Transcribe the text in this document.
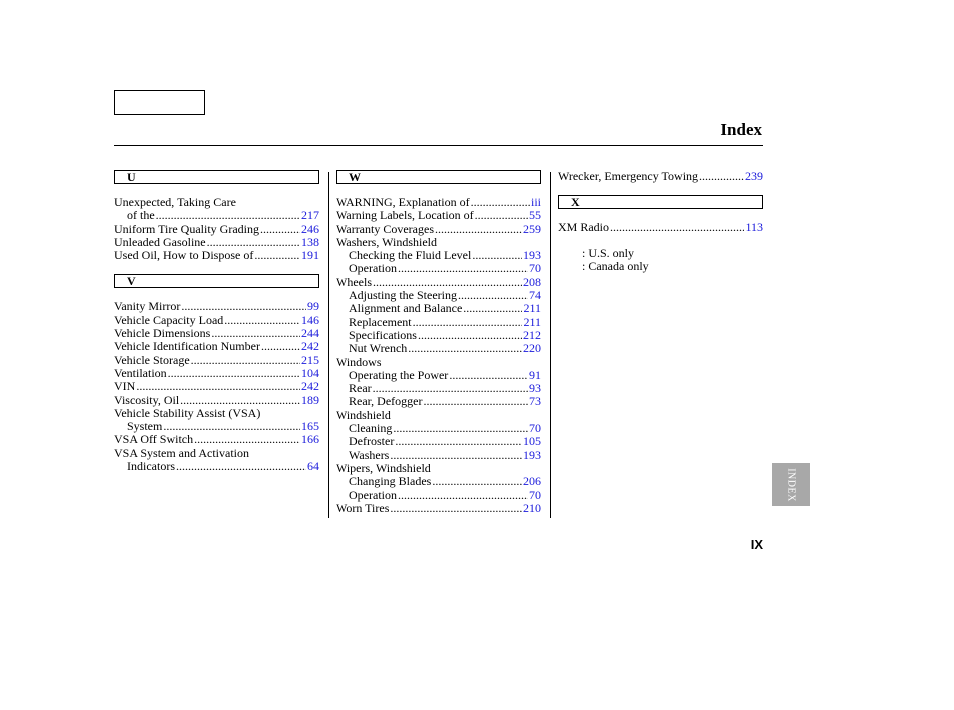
Index
U
Unexpected, Taking Care
of the .....	217
Uniform Tire Quality Grading .....	246
Unleaded Gasoline .....	138
Used Oil, How to Dispose of .....	191
V
Vanity Mirror .....	99
Vehicle Capacity Load .....	146
Vehicle Dimensions .....	244
Vehicle Identification Number .....	242
Vehicle Storage .....	215
Ventilation .....	104
VIN .....	242
Viscosity, Oil .....	189
Vehicle Stability Assist (VSA)
System .....	165
VSA Off Switch .....	166
VSA System and Activation
Indicators .....	64
W
WARNING, Explanation of .....	iii
Warning Labels, Location of .....	55
Warranty Coverages .....	259
Washers, Windshield
Checking the Fluid Level .....	193
Operation .....	70
Wheels .....	208
Adjusting the Steering .....	74
Alignment and Balance .....	211
Replacement .....	211
Specifications .....	212
Nut Wrench .....	220
Windows
Operating the Power .....	91
Rear .....	93
Rear, Defogger .....	73
Windshield
Cleaning .....	70
Defroster .....	105
Washers .....	193
Wipers, Windshield
Changing Blades .....	206
Operation .....	70
Worn Tires .....	210
Wrecker, Emergency Towing .....	239
X
XM Radio .....	113
: U.S. only
: Canada only
INDEX
IX
